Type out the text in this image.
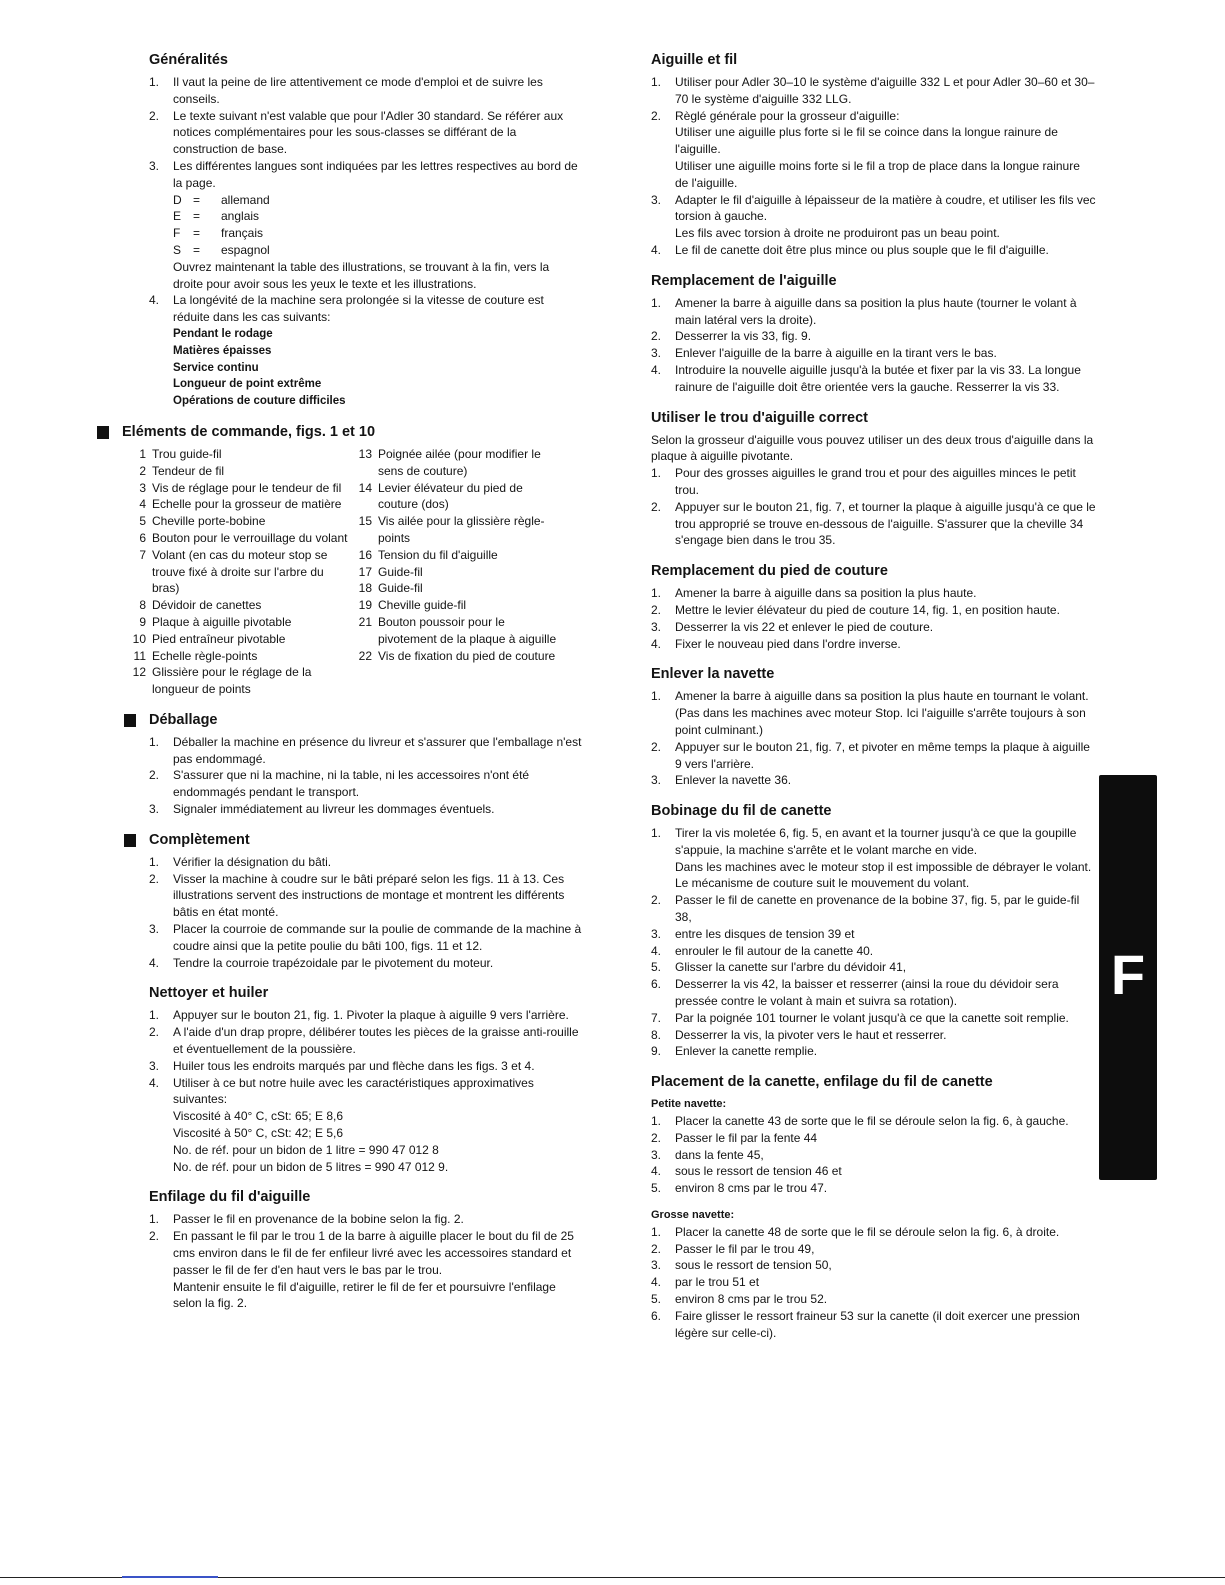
Généralités
1.	Il vaut la peine de lire attentivement ce mode d'emploi et de suivre les conseils.
2.	Le texte suivant n'est valable que pour l'Adler 30 standard. Se référer aux notices complémentaires pour les sous-classes se différant de la construction de base.
3.	Les différentes langues sont indiquées par les lettres respectives au bord de la page.
D =	allemand
E =	anglais
F	=	français
S =	espagnol

Ouvrez maintenant la table des illustrations, se trouvant à la fin, vers la droite pour avoir sous les yeux le texte et les illustrations.

4.	La longévité de la machine sera prolongée si la vitesse de couture est réduite dans les cas suivants:

Pendant le rodage

Matières épaisses

Service continu

Longueur de point extrême

Opérations de couture difficiles

Eléments de commande, figs. 1 et 10
1 Trou guide-fil
2 Tendeur de fil
3 Vis de réglage pour le tendeur de fil
4 Echelle pour la grosseur de matière
5 Cheville porte-bobine
6 Bouton pour le verrouillage du volant
7 Volant (en cas du moteur stop se trouve fixé à droite sur l'arbre du bras)
8 Dévidoir de canettes
9 Plaque à aiguille pivotable
10 Pied entraîneur pivotable
11 Echelle règle-points
12 Glissière pour le réglage de la longueur de points
13 Poignée ailée (pour modifier le sens de couture)
14 Levier élévateur du pied de couture (dos)
15 Vis ailée pour la glissière règle-points
16 Tension du fil d'aiguille
17 Guide-fil
18 Guide-fil
19 Cheville guide-fil
21 Bouton poussoir pour le pivotement de la plaque à aiguille
22 Vis de fixation du pied de couture
Déballage
1.	Déballer la machine en présence du livreur et s'assurer que l'emballage n'est pas endommagé.
2.	S'assurer que ni la machine, ni la table, ni les accessoires n'ont été endommagés pendant le transport.
3.	Signaler immédiatement au livreur les dommages éventuels.
Complètement
1.	Vérifier la désignation du bâti.
2.	Visser la machine à coudre sur le bâti préparé selon les figs. 11 à 13. Ces illustrations servent des instructions de montage et montrent les différents bâtis en état monté.
3.	Placer la courroie de commande sur la poulie de commande de la machine à coudre ainsi que la petite poulie du bâti 100, figs. 11 et 12.
4.	Tendre la courroie trapézoidale par le pivotement du moteur.
Nettoyer et huiler
1.	Appuyer sur le bouton 21, fig. 1. Pivoter la plaque à aiguille 9 vers l'arrière.
2.	A l'aide d'un drap propre, délibérer toutes les pièces de la graisse anti-rouille et éventuellement de la poussière.
3.	Huiler tous les endroits marqués par und flèche dans les figs. 3 et 4.
4.	Utiliser à ce but notre huile avec les caractéristiques approximatives suivantes:

Viscosité à 40° C, cSt: 65; E 8,6

Viscosité à 50° C, cSt: 42; E 5,6

No. de réf. pour un bidon de 1 litre = 990 47 012 8

No. de réf. pour un bidon de 5 litres = 990 47 012 9.

Enfilage du fil d'aiguille
1.	Passer le fil en provenance de la bobine selon la fig. 2.
2.	En passant le fil par le trou 1 de la barre à aiguille placer le bout du fil de 25 cms environ dans le fil de fer enfileur livré avec les accessoires standard et passer le fil de fer d'en haut vers le bas par le trou.

Mantenir ensuite le fil d'aiguille, retirer le fil de fer et poursuivre l'enfilage selon la fig. 2.

Aiguille et fil
1.	Utiliser pour Adler 30–10 le système d'aiguille 332 L et pour Adler 30–60 et 30–70 le système d'aiguille 332 LLG.
2.	Règlé générale pour la grosseur d'aiguille:

Utiliser une aiguille plus forte si le fil se coince dans la longue rainure de l'aiguille.

Utiliser une aiguille moins forte si le fil a trop de place dans la longue rainure de l'aiguille.

3.	Adapter le fil d'aiguille à lépaisseur de la matière à coudre, et utiliser les fils vec torsion à gauche.

Les fils avec torsion à droite ne produiront pas un beau point.

4.	Le fil de canette doit être plus mince ou plus souple que le fil d'aiguille.
Remplacement de l'aiguille
1.	Amener la barre à aiguille dans sa position la plus haute (tourner le volant à main latéral vers la droite).
2.	Desserrer la vis 33, fig. 9.
3.	Enlever l'aiguille de la barre à aiguille en la tirant vers le bas.
4.	Introduire la nouvelle aiguille jusqu'à la butée et fixer par la vis 33. La longue rainure de l'aiguille doit être orientée vers la gauche. Resserrer la vis 33.
Utiliser le trou d'aiguille correct

Selon la grosseur d'aiguille vous pouvez utiliser un des deux trous d'aiguille dans la plaque à aiguille pivotante.

1.	Pour des grosses aiguilles le grand trou et pour des aiguilles minces le petit trou.
2.	Appuyer sur le bouton 21, fig. 7, et tourner la plaque à aiguille jusqu'à ce que le trou approprié se trouve en-dessous de l'aiguille. S'assurer que la cheville 34 s'engage bien dans le trou 35.
Remplacement du pied de couture
1.	Amener la barre à aiguille dans sa position la plus haute.
2.	Mettre le levier élévateur du pied de couture 14, fig. 1, en position haute.
3.	Desserrer la vis 22 et enlever le pied de couture.
4.	Fixer le nouveau pied dans l'ordre inverse.
Enlever la navette
1.	Amener la barre à aiguille dans sa position la plus haute en tournant le volant. (Pas dans les machines avec moteur Stop. Ici l'aiguille s'arrête toujours à son point culminant.)
2.	Appuyer sur le bouton 21, fig. 7, et pivoter en même temps la plaque à aiguille 9 vers l'arrière.
3.	Enlever la navette 36.
Bobinage du fil de canette
1.	Tirer la vis moletée 6, fig. 5, en avant et la tourner jusqu'à ce que la goupille s'appuie, la machine s'arrête et le volant marche en vide.

Dans les machines avec le moteur stop il est impossible de débrayer le volant. Le mécanisme de couture suit le mouvement du volant.

2.	Passer le fil de canette en provenance de la bobine 37, fig. 5, par le guide-fil 38,
3.	entre les disques de tension 39 et
4.	enrouler le fil autour de la canette 40.
5.	Glisser la canette sur l'arbre du dévidoir 41,
6.	Desserrer la vis 42, la baisser et resserrer (ainsi la roue du dévidoir sera pressée contre le volant à main et suivra sa rotation).
7.	Par la poignée 101 tourner le volant jusqu'à ce que la canette soit remplie.
8.	Desserrer la vis, la pivoter vers le haut et resserrer.
9.	Enlever la canette remplie.
Placement de la canette, enfilage du fil de canette

Petite navette:

1.	Placer la canette 43 de sorte que le fil se déroule selon la fig. 6, à gauche.
2.	Passer le fil par la fente 44
3.	dans la fente 45,
4.	sous le ressort de tension 46 et
5.	environ 8 cms par le trou 47.

Grosse navette:

1.	Placer la canette 48 de sorte que le fil se déroule selon la fig. 6, à droite.
2.	Passer le fil par le trou 49,
3.	sous le ressort de tension 50,
4.	par le trou 51 et
5.	environ 8 cms par le trou 52.
6.	Faire glisser le ressort fraineur 53 sur la canette (il doit exercer une pression légère sur celle-ci).
F
